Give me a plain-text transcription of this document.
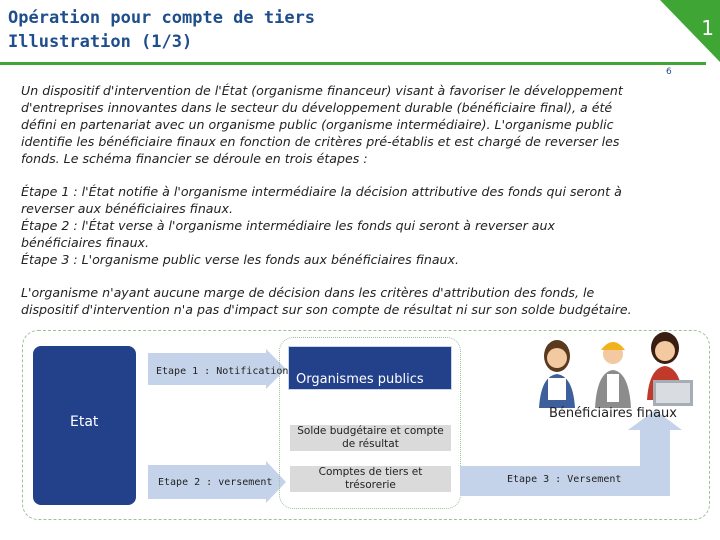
Opération pour compte de tiers
Illustration (1/3)
1
6
Un dispositif d'intervention de l'État (organisme financeur) visant à favoriser le développement
d'entreprises innovantes dans le secteur du développement durable (bénéficiaire final), a été
défini en partenariat avec un organisme public (organisme intermédiaire). L'organisme public
identifie les bénéficiaire finaux en fonction de critères pré-établis et est chargé de reverser les
fonds. Le schéma financier se déroule en trois étapes :
Étape 1 : l'État notifie à l'organisme intermédiaire la décision attributive des fonds qui seront à
reverser aux bénéficiaires finaux.
Étape 2 : l'État verse à l'organisme intermédiaire les fonds qui seront à reverser aux
bénéficiaires finaux.
Étape 3 : L'organisme public verse les fonds aux bénéficiaires finaux.
L'organisme n'ayant aucune marge de décision dans les critères d'attribution des fonds, le
dispositif d'intervention n'a pas d'impact sur son compte de résultat ni sur son solde budgétaire.
Etat
Etape 1 : Notification
Etape 2 : versement
Organismes publics
Solde budgétaire et compte
de résultat
Comptes de tiers et
trésorerie	Etape 3 : Versement
Bénéficiaires finaux
